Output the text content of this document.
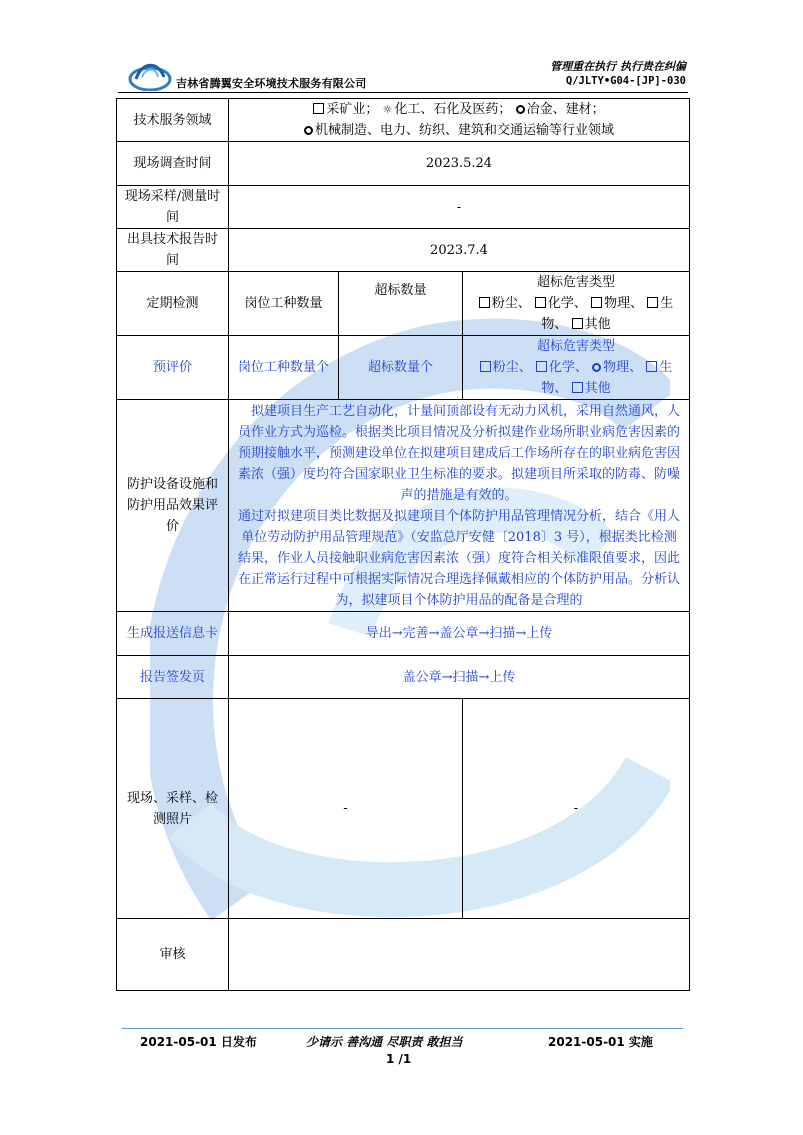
吉林省腾翼安全环境技术服务有限公司
管理重在执行 执行贵在纠偏
Q/JLTY•G04-[JP]-030
技术服务领域	采矿业； ☼ 化工、石化及医药； 冶金、建材；
机械制造、电力、纺织、建筑和交通运输等行业领域		

现场调查时间	2023.5.24		
现场采样/测量时间	-		
出具技术报告时间	2023.7.4		
定期检测	岗位工种数量	超标数量	超标危害类型
粉尘、 化学、 物理、 生物、 其他

预评价	岗位工种数量个	超标数量个	超标危害类型
粉尘、 化学、 物理、 生物、 其他

防护设备设施和防护用品效果评价	拟建项目生产工艺自动化，计量间顶部设有无动力风机，采用自然通风，人员作业方式为巡检。根据类比项目情况及分析拟建作业场所职业病危害因素的预期接触水平，预测建设单位在拟建项目建成后工作场所存在的职业病危害因素浓（强）度均符合国家职业卫生标准的要求。拟建项目所采取的防毒、防噪声的措施是有效的。

通过对拟建项目类比数据及拟建项目个体防护用品管理情况分析，结合《用人单位劳动防护用品管理规范》（安监总厅安健〔2018〕3 号），根据类比检测结果，作业人员接触职业病危害因素浓（强）度符合相关标准限值要求，因此在正常运行过程中可根据实际情况合理选择佩戴相应的个体防护用品。分析认为，拟建项目个体防护用品的配备是合理的		

生成报送信息卡	导出→完善→盖公章→扫描→上传		
报告签发页	盖公章→扫描→上传		
现场、采样、检测照片	-		-
审核			
2021-05-01 日发布	少请示 善沟通 尽职责 敢担当	2021-05-01 实施
1 /1
